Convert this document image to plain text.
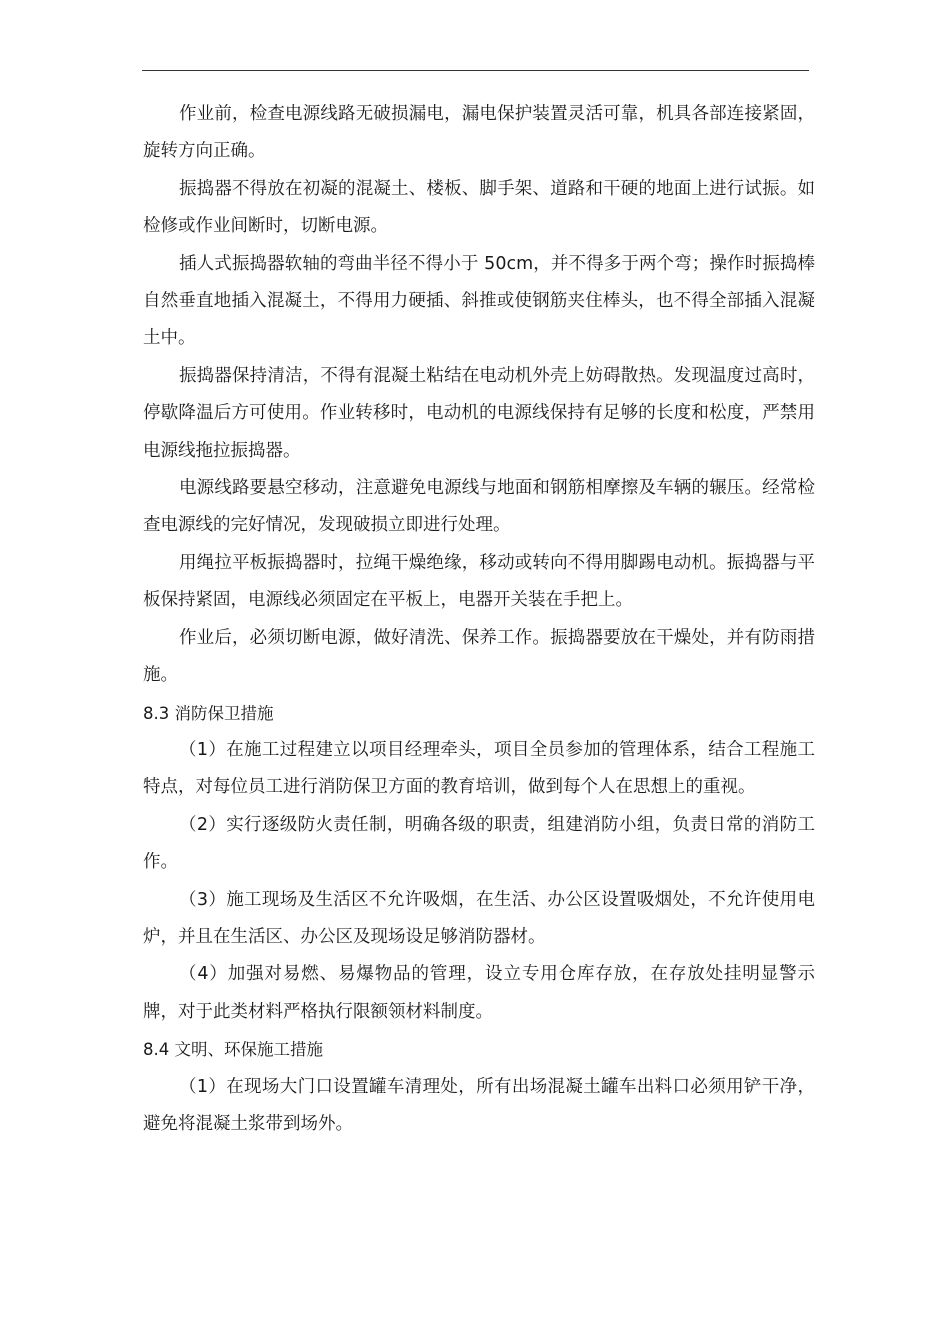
作业前，检查电源线路无破损漏电，漏电保护装置灵活可靠，机具各部连接紧固，旋转方向正确。

振捣器不得放在初凝的混凝土、楼板、脚手架、道路和干硬的地面上进行试振。如检修或作业间断时，切断电源。

插人式振捣器软轴的弯曲半径不得小于 50cm，并不得多于两个弯；操作时振捣棒自然垂直地插入混凝土，不得用力硬插、斜推或使钢筋夹住棒头，也不得全部插入混凝土中。

振捣器保持清洁，不得有混凝土粘结在电动机外壳上妨碍散热。发现温度过高时，停歇降温后方可使用。作业转移时，电动机的电源线保持有足够的长度和松度，严禁用电源线拖拉振捣器。

电源线路要悬空移动，注意避免电源线与地面和钢筋相摩擦及车辆的辗压。经常检查电源线的完好情况，发现破损立即进行处理。

用绳拉平板振捣器时，拉绳干燥绝缘，移动或转向不得用脚踢电动机。振捣器与平板保持紧固，电源线必须固定在平板上，电器开关装在手把上。

作业后，必须切断电源，做好清洗、保养工作。振捣器要放在干燥处，并有防雨措施。

8.3 消防保卫措施

（1）在施工过程建立以项目经理牵头，项目全员参加的管理体系，结合工程施工特点，对每位员工进行消防保卫方面的教育培训，做到每个人在思想上的重视。

（2）实行逐级防火责任制，明确各级的职责，组建消防小组，负责日常的消防工作。

（3）施工现场及生活区不允许吸烟，在生活、办公区设置吸烟处，不允许使用电炉，并且在生活区、办公区及现场设足够消防器材。

（4）加强对易燃、易爆物品的管理，设立专用仓库存放，在存放处挂明显警示牌，对于此类材料严格执行限额领材料制度。

8.4 文明、环保施工措施

（1）在现场大门口设置罐车清理处，所有出场混凝土罐车出料口必须用铲干净，避免将混凝土浆带到场外。
